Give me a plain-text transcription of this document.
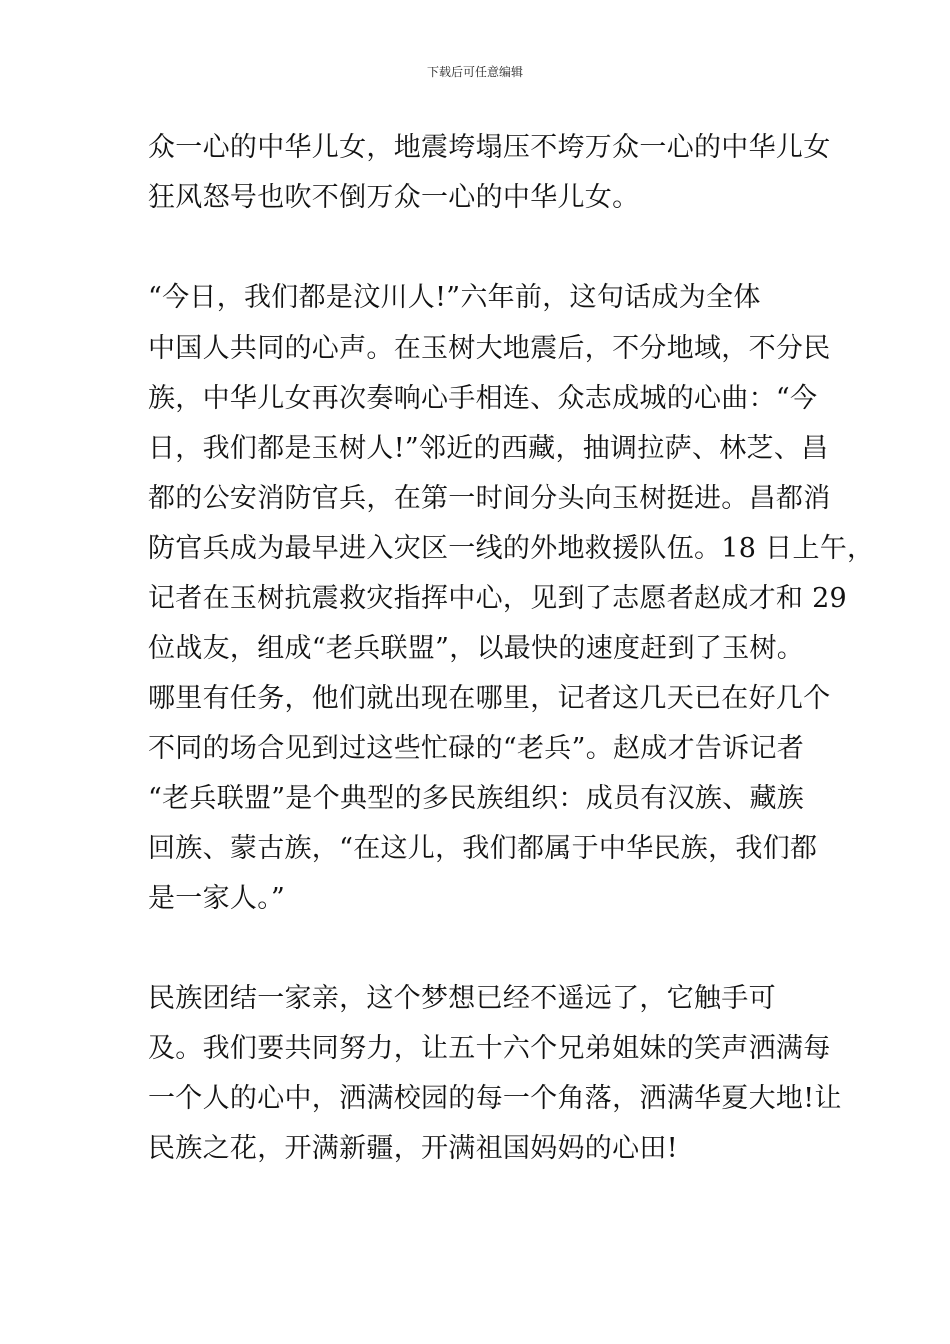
下载后可任意编辑
众一心的中华儿女，地震垮塌压不垮万众一心的中华儿女
狂风怒号也吹不倒万众一心的中华儿女。
“今日，我们都是汶川人!”六年前，这句话成为全体
中国人共同的心声。在玉树大地震后，不分地域，不分民
族，中华儿女再次奏响心手相连、众志成城的心曲：“今
日，我们都是玉树人!”邻近的西藏，抽调拉萨、林芝、昌
都的公安消防官兵，在第一时间分头向玉树挺进。昌都消
防官兵成为最早进入灾区一线的外地救援队伍。18 日上午，
记者在玉树抗震救灾指挥中心，见到了志愿者赵成才和 29
位战友，组成“老兵联盟”，以最快的速度赶到了玉树。
哪里有任务，他们就出现在哪里，记者这几天已在好几个
不同的场合见到过这些忙碌的“老兵”。赵成才告诉记者
“老兵联盟”是个典型的多民族组织：成员有汉族、藏族
回族、蒙古族，“在这儿，我们都属于中华民族，我们都
是一家人。”
民族团结一家亲，这个梦想已经不遥远了，它触手可
及。我们要共同努力，让五十六个兄弟姐妹的笑声洒满每
一个人的心中，洒满校园的每一个角落，洒满华夏大地!让
民族之花，开满新疆，开满祖国妈妈的心田!
